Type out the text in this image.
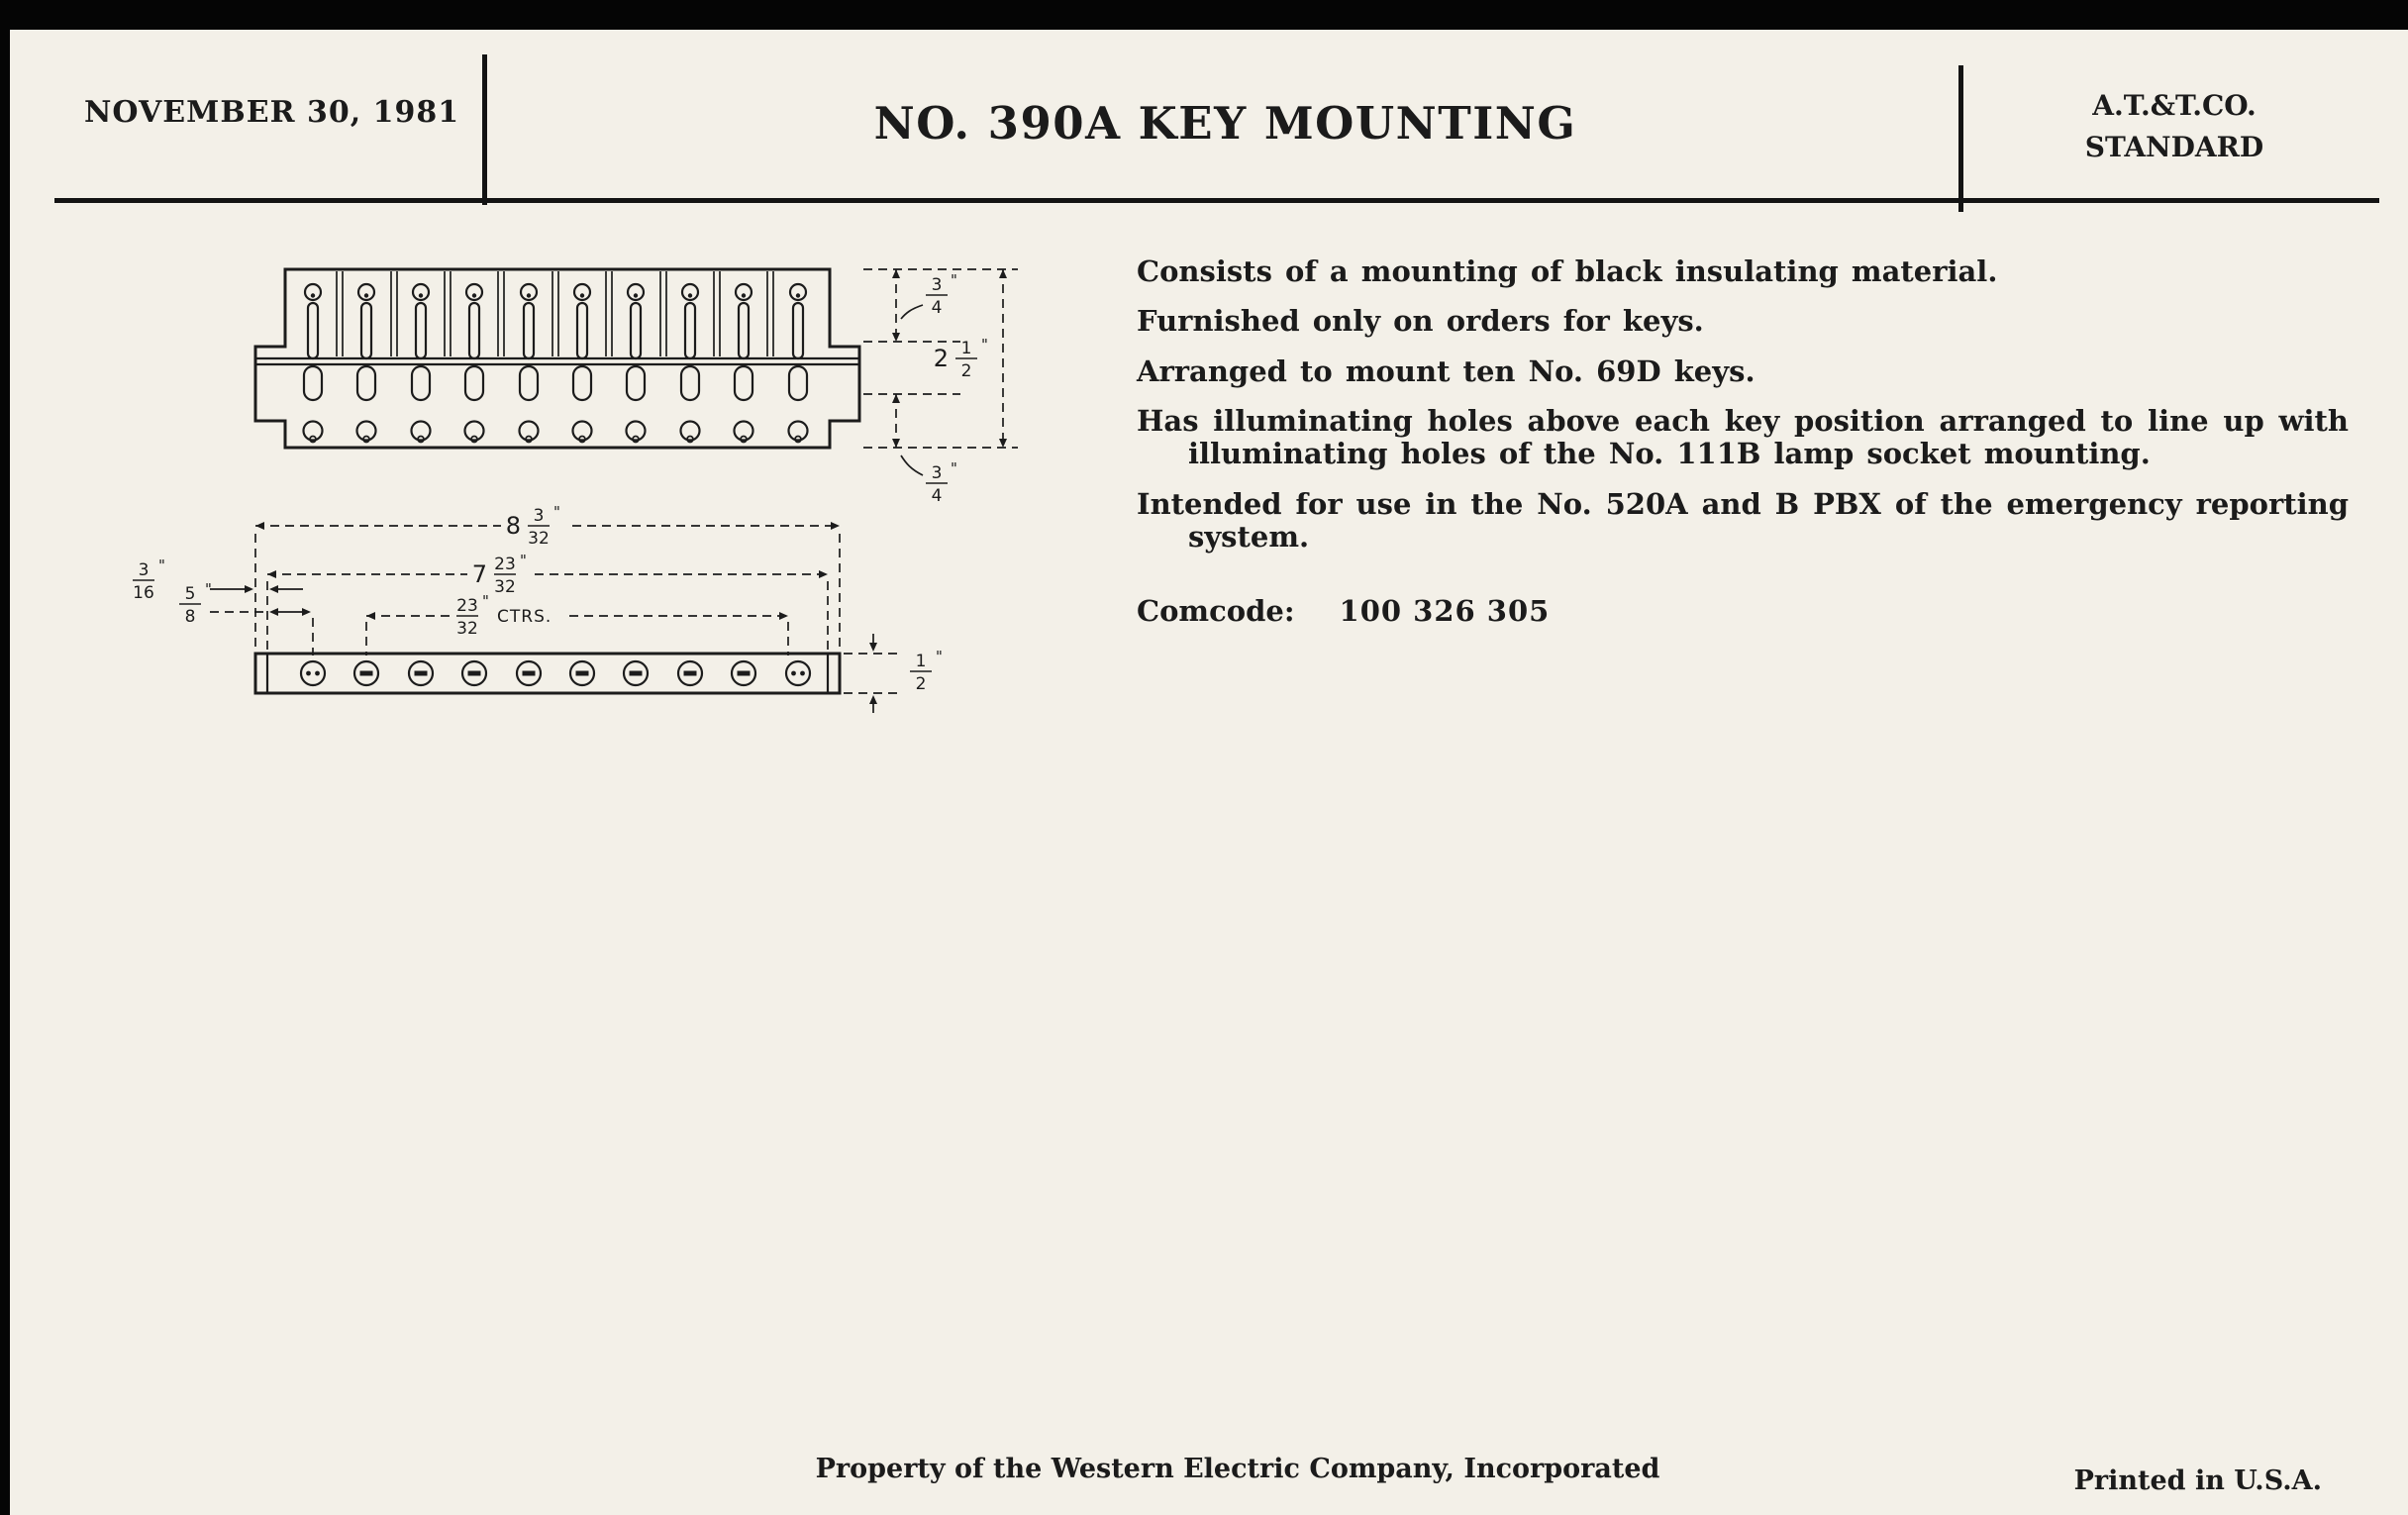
NOVEMBER 30, 1981	NO. 390A KEY MOUNTING	A.T.&T.CO.
STANDARD

Consists of a mounting of black insulating material.

Furnished only on orders for keys.

Arranged to mount ten No. 69D keys.

Has illuminating holes above each key position arranged to line up with illuminating holes of the No. 111B lamp socket mounting.

Intended for use in the No. 520A and B PBX of the emergency reporting system.

Comcode: 100 326 305
3 "
4
2 1 "
2
3 "
4
8 3 "
32
7 23 "
32
23 "
32
CTRS.
3 "
16 5 "
8
1 "
2
Property of the Western Electric Company, Incorporated	Printed in U.S.A.
